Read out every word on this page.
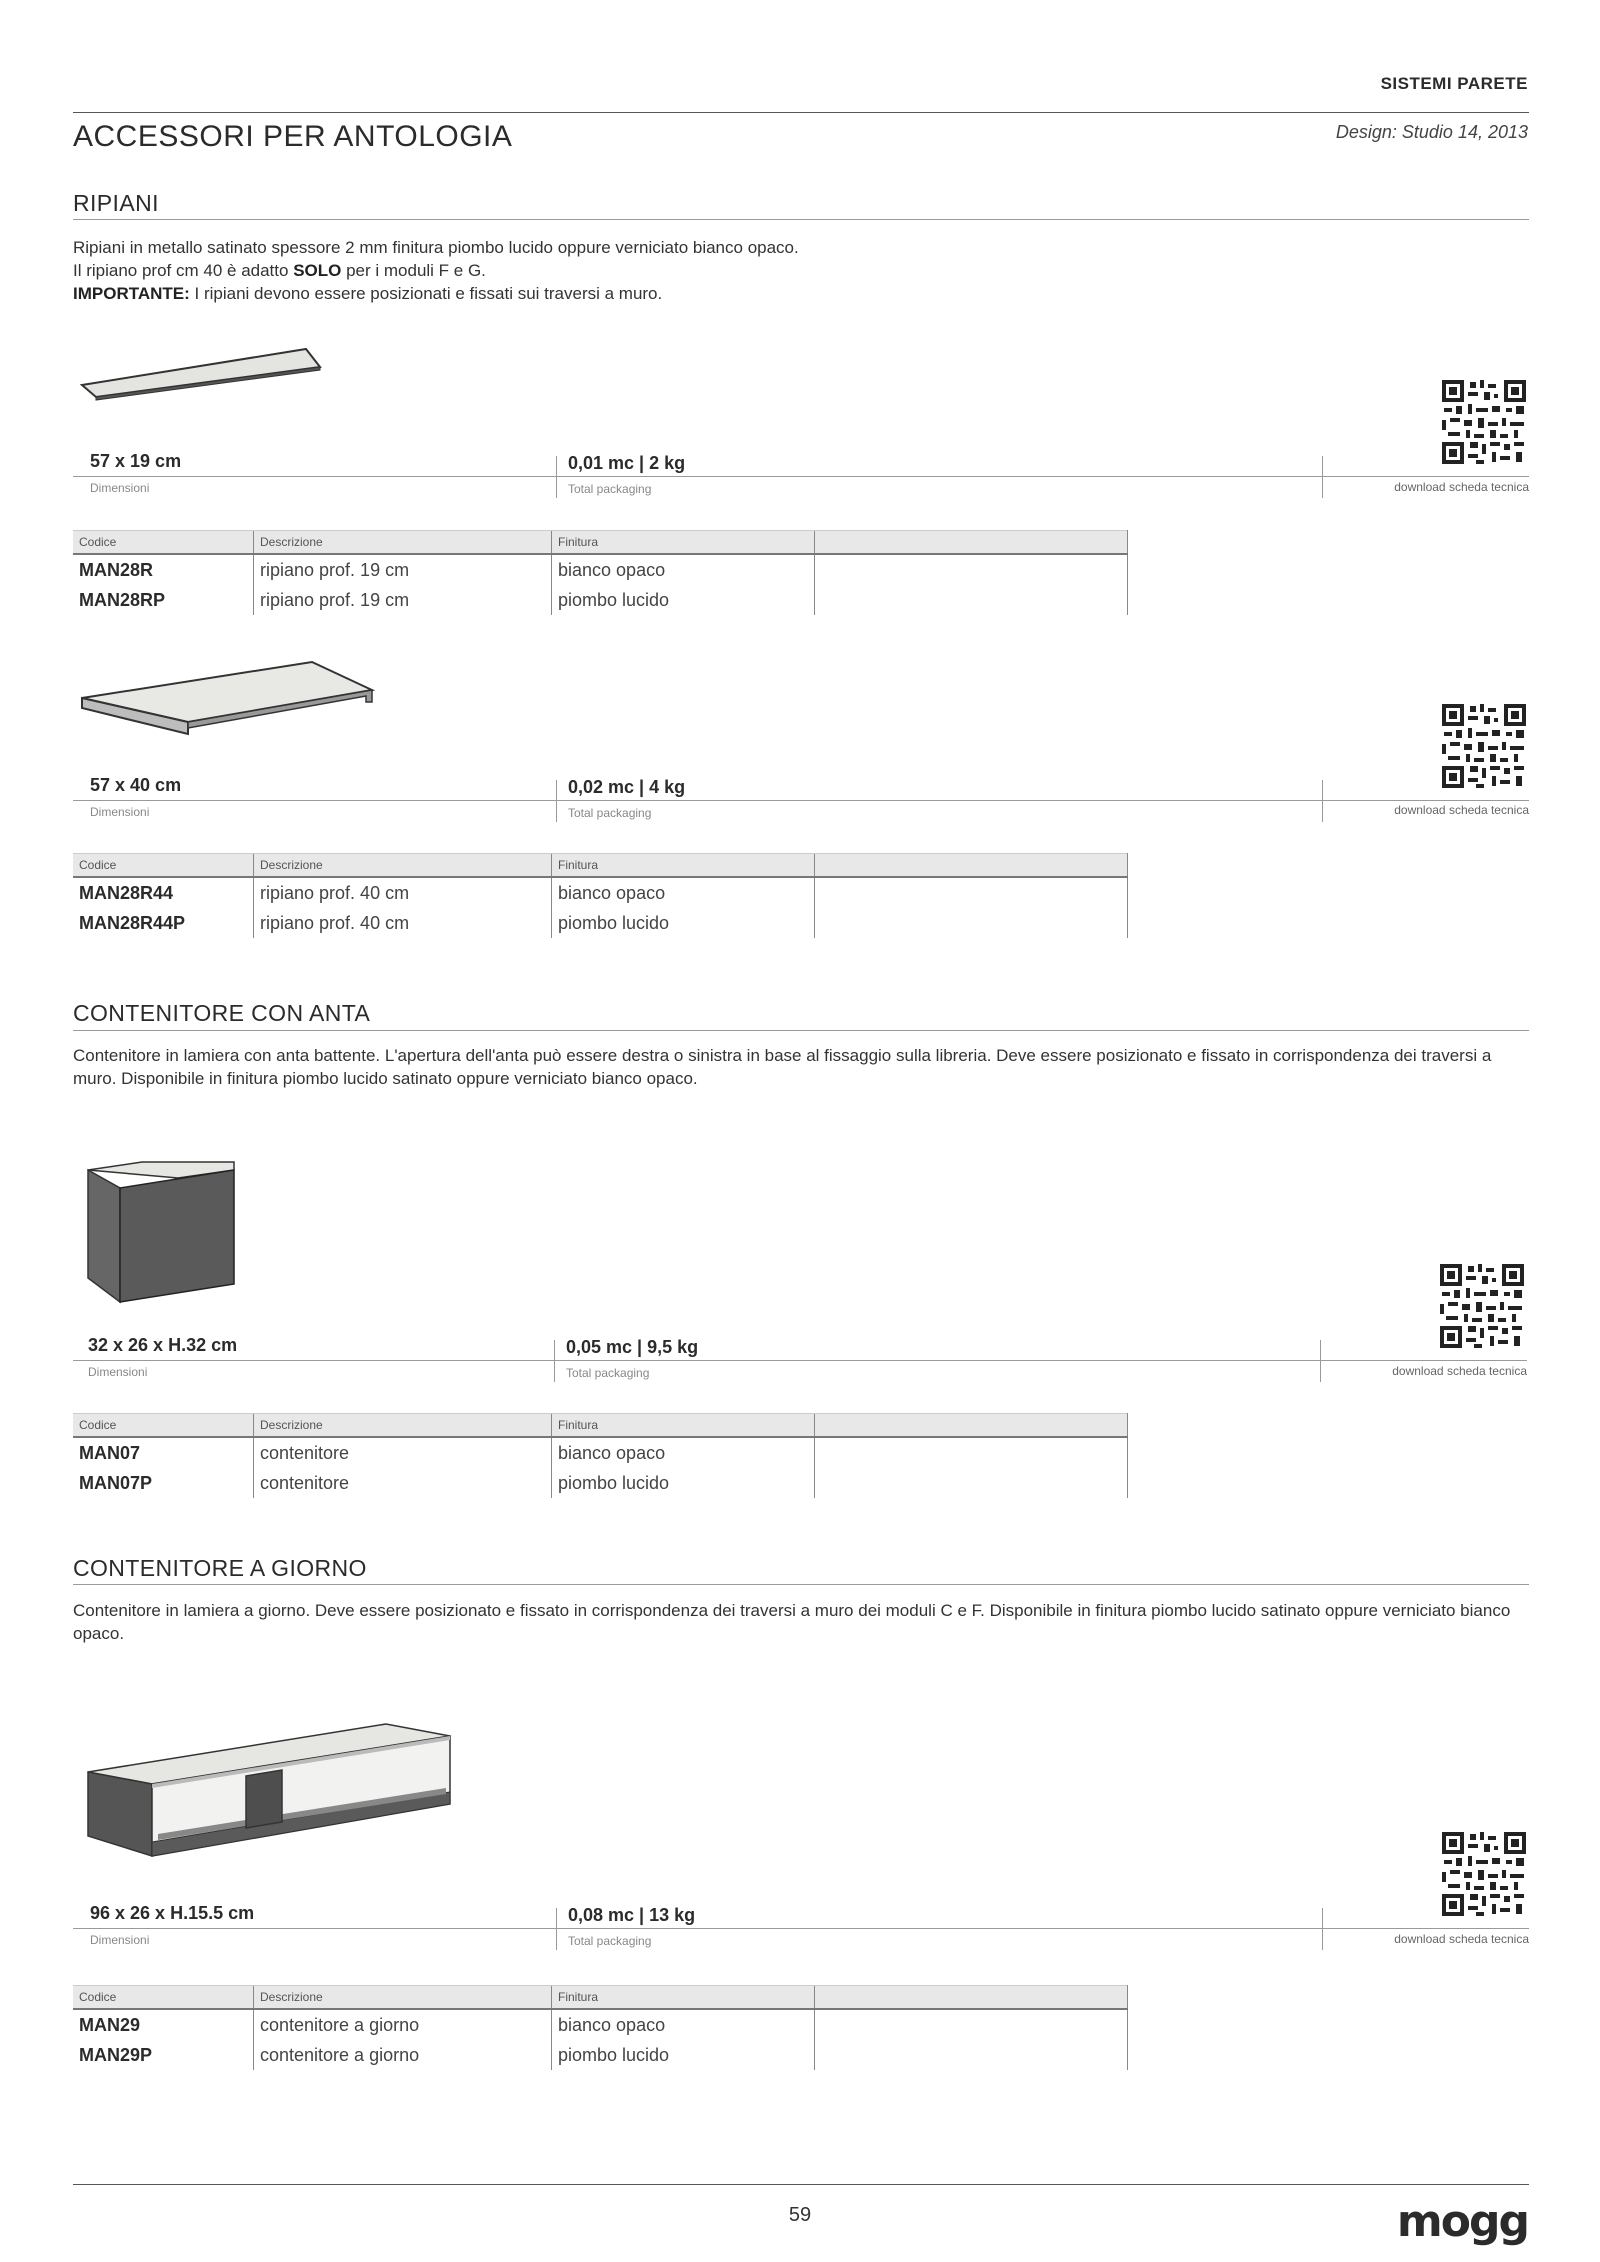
SISTEMI PARETE
ACCESSORI PER ANTOLOGIA	Design: Studio 14, 2013
RIPIANI
Ripiani in metallo satinato spessore 2 mm finitura piombo lucido oppure verniciato bianco opaco.
Il ripiano prof cm 40 è adatto SOLO per i moduli F e G.
IMPORTANTE: I ripiani devono essere posizionati e fissati sui traversi a muro.
57 x 19 cm
Dimensioni
0,01 mc | 2 kg
Total packaging	download scheda tecnica
Codice	Descrizione	Finitura	
MAN28R	ripiano prof. 19 cm	bianco opaco	
MAN28RP	ripiano prof. 19 cm	piombo lucido	
57 x 40 cm
Dimensioni
0,02 mc | 4 kg
Total packaging	download scheda tecnica
Codice	Descrizione	Finitura	
MAN28R44	ripiano prof. 40 cm	bianco opaco	
MAN28R44P	ripiano prof. 40 cm	piombo lucido	
CONTENITORE CON ANTA
Contenitore in lamiera con anta battente. L'apertura dell'anta può essere destra o sinistra in base al fissaggio sulla libreria. Deve essere posizionato e fissato in corrispondenza dei traversi a muro. Disponibile in finitura piombo lucido satinato oppure verniciato bianco opaco.
32 x 26 x H.32 cm
Dimensioni
0,05 mc | 9,5 kg
Total packaging	download scheda tecnica
Codice	Descrizione	Finitura	
MAN07	contenitore	bianco opaco	
MAN07P	contenitore	piombo lucido	
CONTENITORE A GIORNO
Contenitore in lamiera a giorno. Deve essere posizionato e fissato in corrispondenza dei traversi a muro dei moduli C e F. Disponibile in finitura piombo lucido satinato oppure verniciato bianco opaco.
96 x 26 x H.15.5 cm
Dimensioni
0,08 mc | 13 kg
Total packaging	download scheda tecnica
Codice	Descrizione	Finitura	
MAN29	contenitore a giorno	bianco opaco	
MAN29P	contenitore a giorno	piombo lucido	
59	mogg
